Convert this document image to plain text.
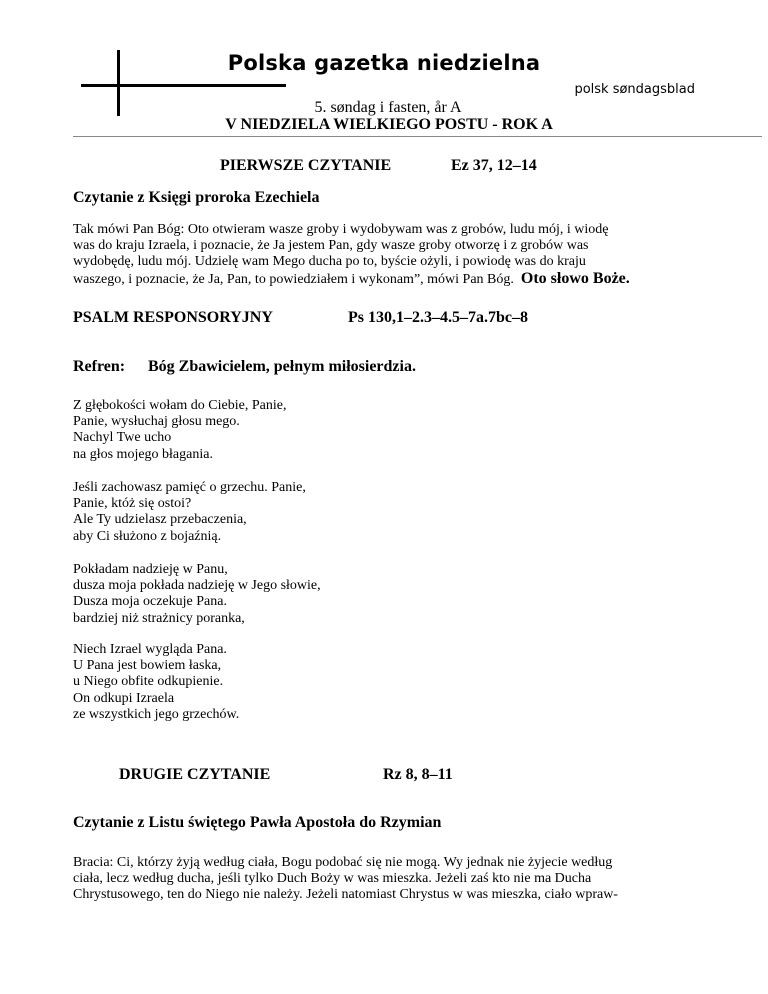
Polska gazetka niedzielna
polsk søndagsblad
5. søndag i fasten, år A
V NIEDZIELA WIELKIEGO POSTU - ROK A
PIERWSZE CZYTANIE	Ez 37, 12–14
Czytanie z Księgi proroka Ezechiela
Tak mówi Pan Bóg: Oto otwieram wasze groby i wydobywam was z grobów, ludu mój, i wiodę
was do kraju Izraela, i poznacie, że Ja jestem Pan, gdy wasze groby otworzę i z grobów was
wydobędę, ludu mój. Udzielę wam Mego ducha po to, byście ożyli, i powiodę was do kraju
waszego, i poznacie, że Ja, Pan, to powiedziałem i wykonam”, mówi Pan Bóg. Oto słowo Boże.
PSALM RESPONSORYJNY	Ps 130,1–2.3–4.5–7a.7bc–8
Refren: Bóg Zbawicielem, pełnym miłosierdzia.
Z głębokości wołam do Ciebie, Panie,
Panie, wysłuchaj głosu mego.
Nachyl Twe ucho
na głos mojego błagania.
Jeśli zachowasz pamięć o grzechu. Panie,
Panie, któż się ostoi?
Ale Ty udzielasz przebaczenia,
aby Ci służono z bojaźnią.
Pokładam nadzieję w Panu,
dusza moja pokłada nadzieję w Jego słowie,
Dusza moja oczekuje Pana.
bardziej niż strażnicy poranka,
Niech Izrael wygląda Pana.
U Pana jest bowiem łaska,
u Niego obfite odkupienie.
On odkupi Izraela
ze wszystkich jego grzechów.
DRUGIE CZYTANIE	Rz 8, 8–11
Czytanie z Listu świętego Pawła Apostoła do Rzymian
Bracia: Ci, którzy żyją według ciała, Bogu podobać się nie mogą. Wy jednak nie żyjecie według
ciała, lecz według ducha, jeśli tylko Duch Boży w was mieszka. Jeżeli zaś kto nie ma Ducha
Chrystusowego, ten do Niego nie należy. Jeżeli natomiast Chrystus w was mieszka, ciało wpraw-
